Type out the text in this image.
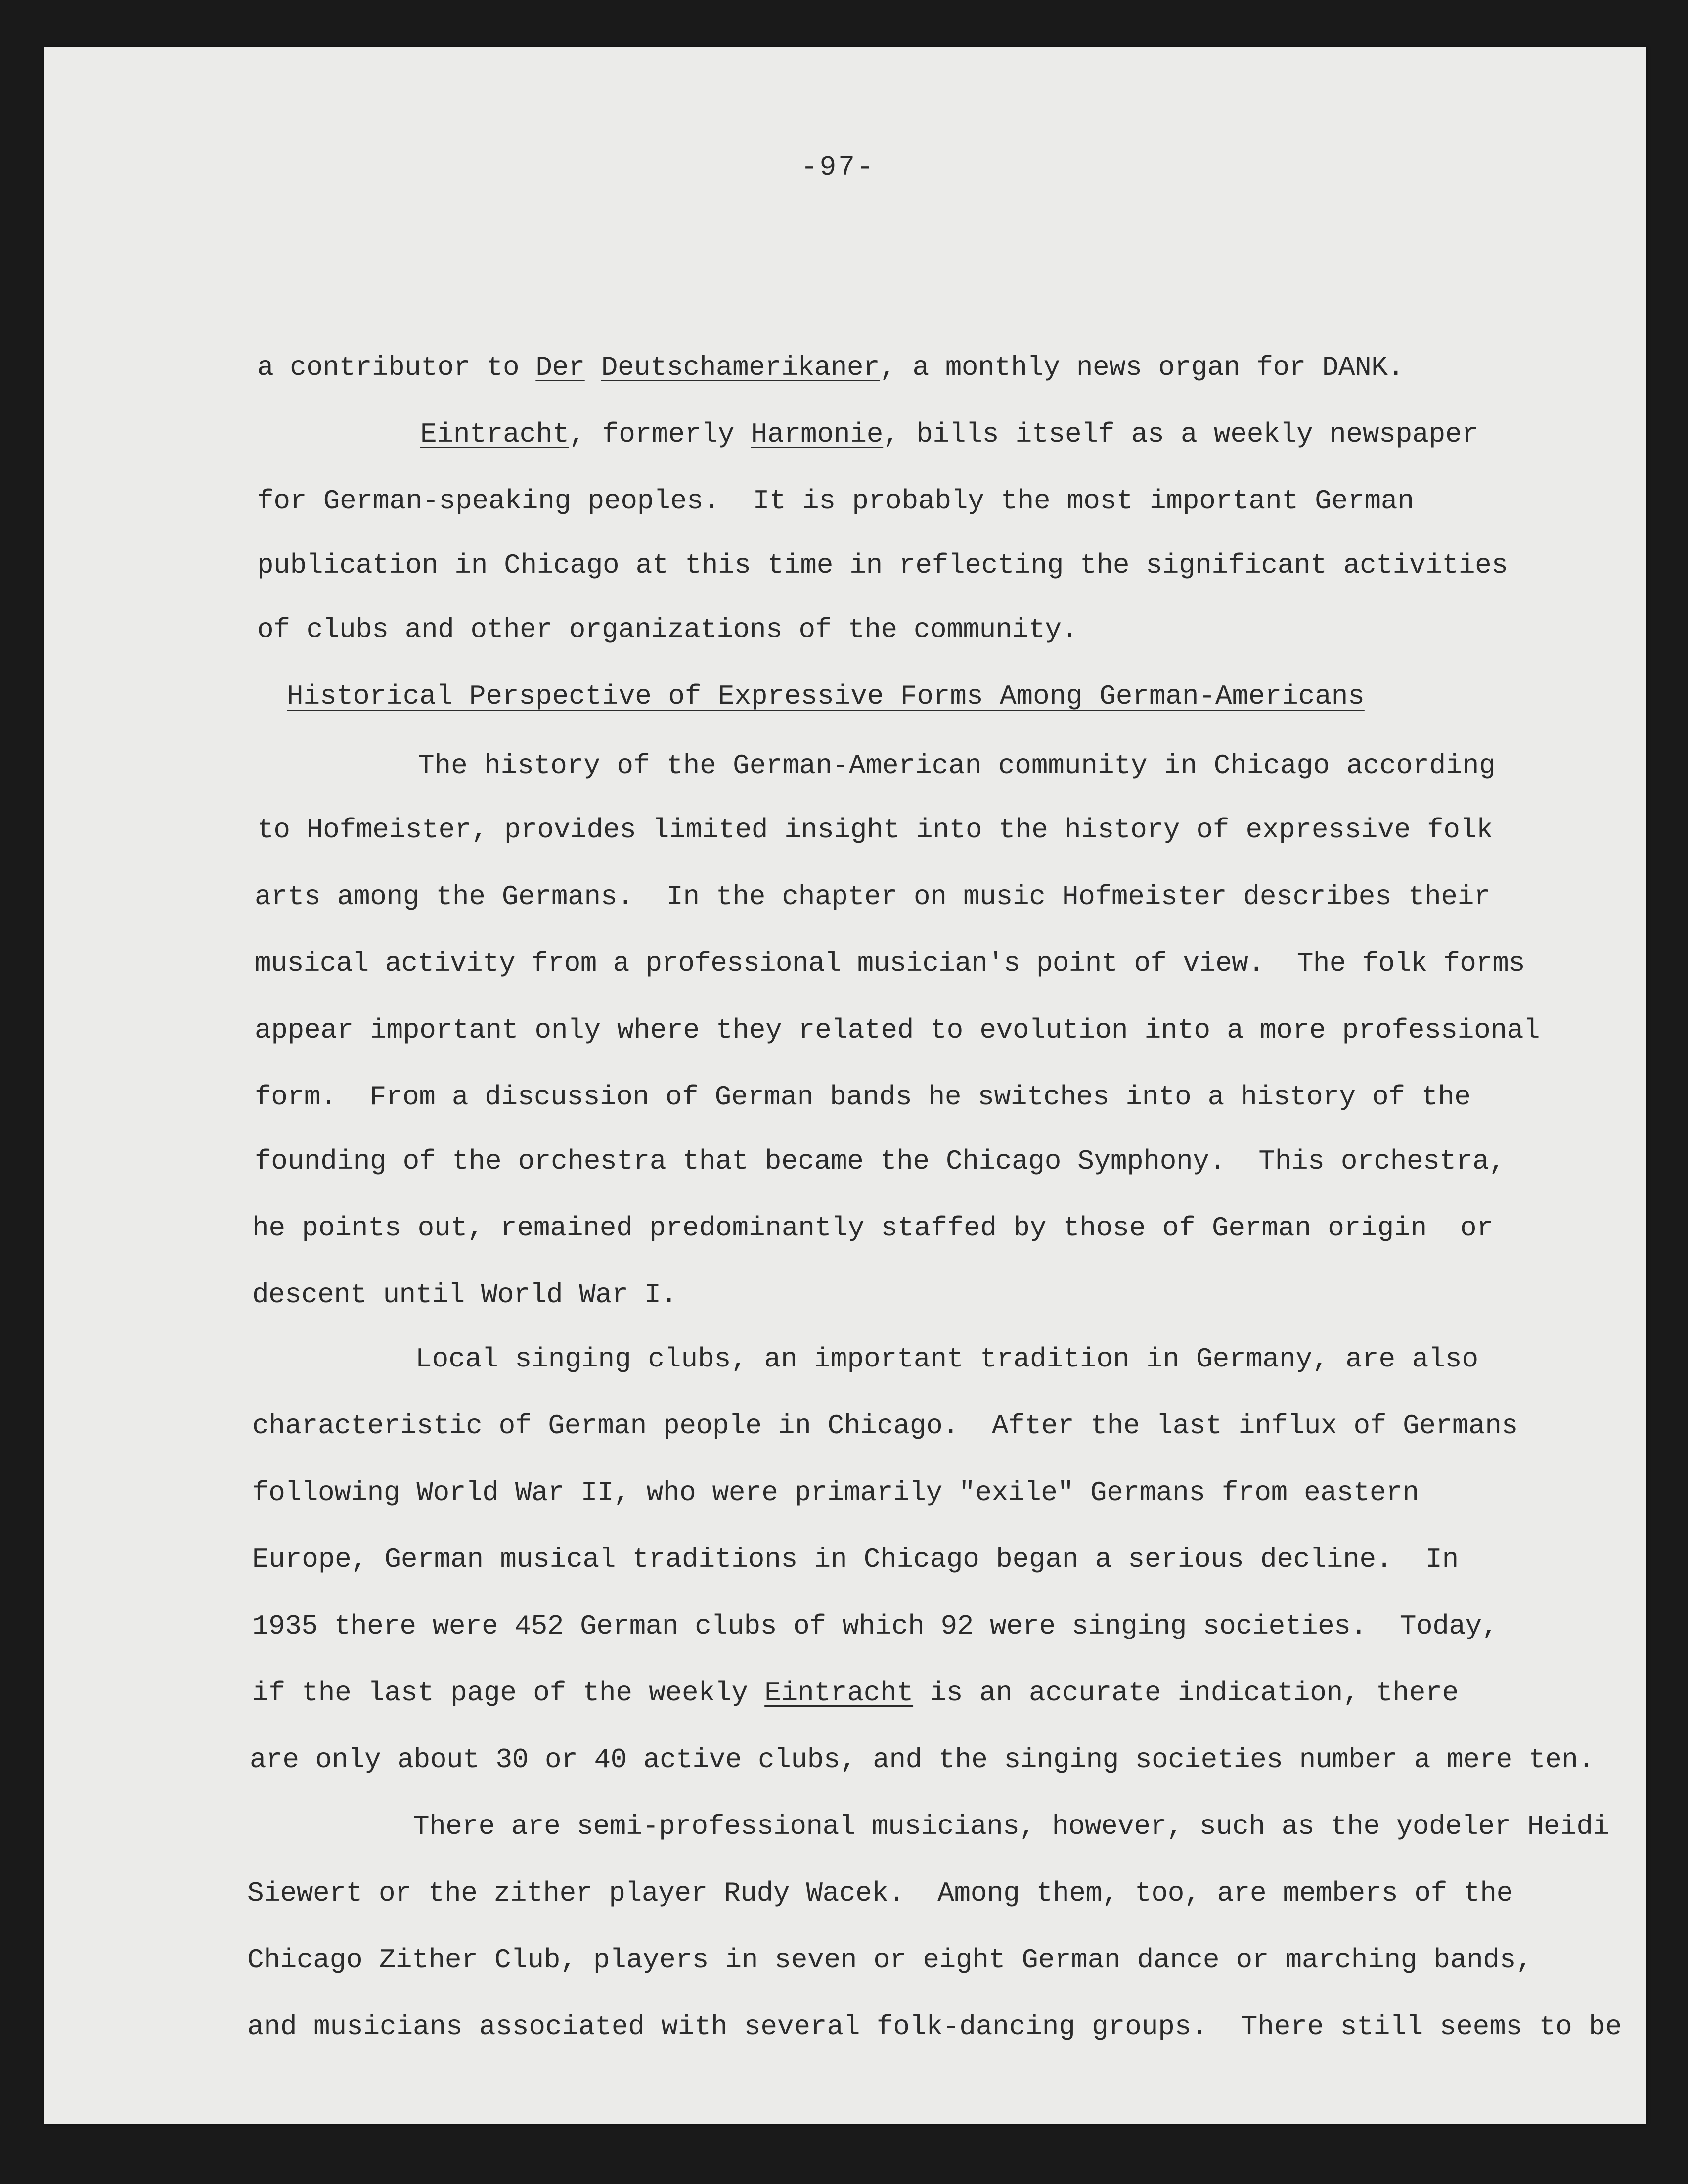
-97-
a contributor to Der Deutschamerikaner, a monthly news organ for DANK.
Eintracht, formerly Harmonie, bills itself as a weekly newspaper
for German-speaking peoples.  It is probably the most important German
publication in Chicago at this time in reflecting the significant activities
of clubs and other organizations of the community.
Historical Perspective of Expressive Forms Among German-Americans
The history of the German-American community in Chicago according
to Hofmeister, provides limited insight into the history of expressive folk
arts among the Germans.  In the chapter on music Hofmeister describes their
musical activity from a professional musician's point of view.  The folk forms
appear important only where they related to evolution into a more professional
form.  From a discussion of German bands he switches into a history of the
founding of the orchestra that became the Chicago Symphony.  This orchestra,
he points out, remained predominantly staffed by those of German origin  or
descent until World War I.
Local singing clubs, an important tradition in Germany, are also
characteristic of German people in Chicago.  After the last influx of Germans
following World War II, who were primarily "exile" Germans from eastern
Europe, German musical traditions in Chicago began a serious decline.  In
1935 there were 452 German clubs of which 92 were singing societies.  Today,
if the last page of the weekly Eintracht is an accurate indication, there
are only about 30 or 40 active clubs, and the singing societies number a mere ten.
There are semi-professional musicians, however, such as the yodeler Heidi
Siewert or the zither player Rudy Wacek.  Among them, too, are members of the
Chicago Zither Club, players in seven or eight German dance or marching bands,
and musicians associated with several folk-dancing groups.  There still seems to be
